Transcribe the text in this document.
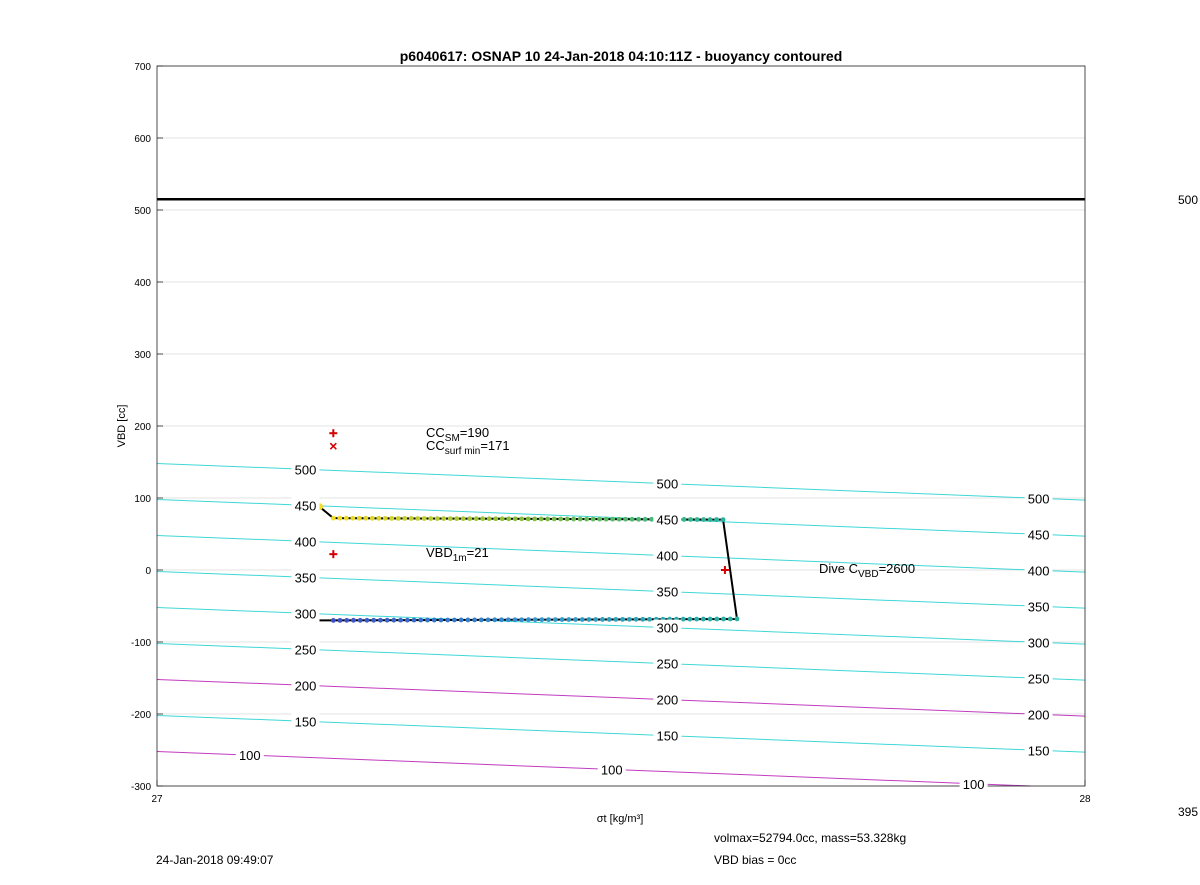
-300
-200
-100
0
100
200
300
400
500
600
700
27	28
500
500
500
450
450
450
400
400
400
350
350
350
300
300
300
250
250
250
200
200
200
150
150
150
100
100
100
p6040617: OSNAP 10 24-Jan-2018 04:10:11Z - buoyancy contoured
VBD [cc]
σt [kg/m³]
$CC_{SM}=190$
$CC_{surf min}=171$
$VBD_{1m}=21$
Dive $C_{VBD}=2600$
500
395
24-Jan-2018 09:49:07
volmax=52794.0cc, mass=53.328kg
VBD bias = 0cc
